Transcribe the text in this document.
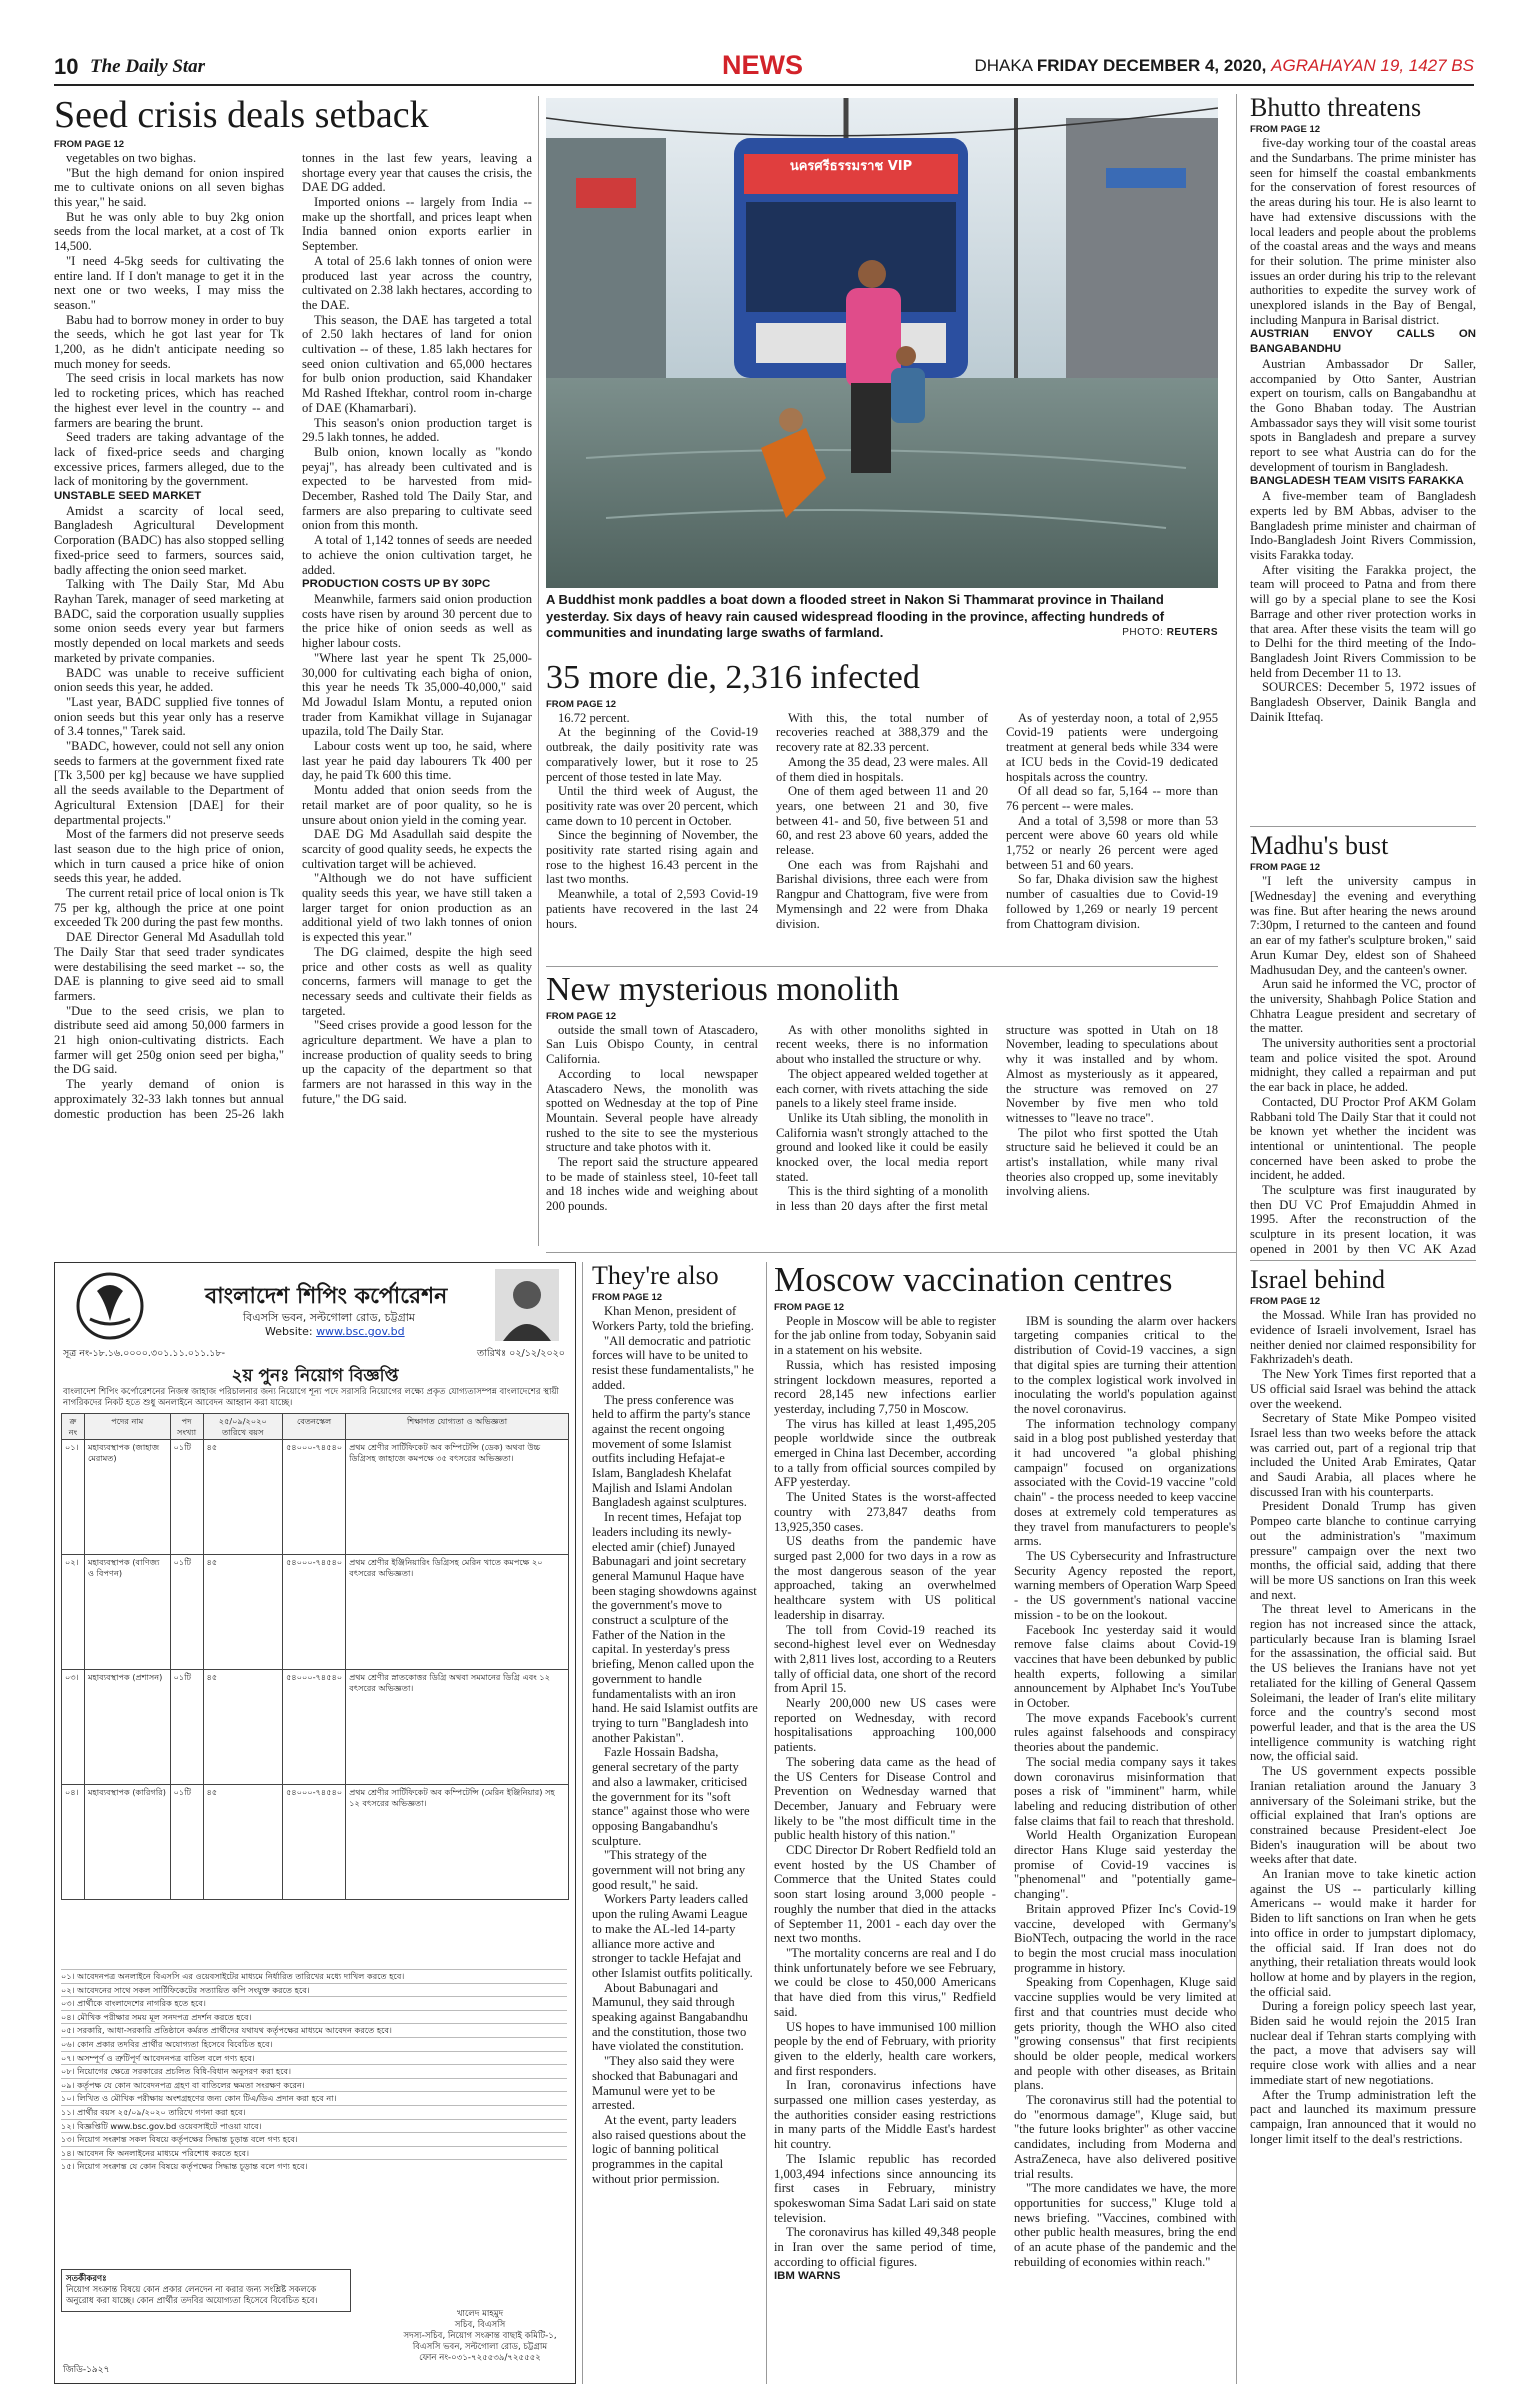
10 The Daily Star	NEWS	DHAKA FRIDAY DECEMBER 4, 2020, AGRAHAYAN 19, 1427 BS
Seed crisis deals setback
FROM PAGE 12

vegetables on two bighas.

"But the high demand for onion inspired me to cultivate onions on all seven bighas this year," he said.

But he was only able to buy 2kg onion seeds from the local market, at a cost of Tk 14,500.

"I need 4-5kg seeds for cultivating the entire land. If I don't manage to get it in the next one or two weeks, I may miss the season."

Babu had to borrow money in order to buy the seeds, which he got last year for Tk 1,200, as he didn't anticipate needing so much money for seeds.

The seed crisis in local markets has now led to rocketing prices, which has reached the highest ever level in the country -- and farmers are bearing the brunt.

Seed traders are taking advantage of the lack of fixed-price seeds and charging excessive prices, farmers alleged, due to the lack of monitoring by the government.

UNSTABLE SEED MARKET

Amidst a scarcity of local seed, Bangladesh Agricultural Development Corporation (BADC) has also stopped selling fixed-price seed to farmers, sources said, badly affecting the onion seed market.

Talking with The Daily Star, Md Abu Rayhan Tarek, manager of seed marketing at BADC, said the corporation usually supplies some onion seeds every year but farmers mostly depended on local markets and seeds marketed by private companies.

BADC was unable to receive sufficient onion seeds this year, he added.

"Last year, BADC supplied five tonnes of onion seeds but this year only has a reserve of 3.4 tonnes," Tarek said.

"BADC, however, could not sell any onion seeds to farmers at the government fixed rate [Tk 3,500 per kg] because we have supplied all the seeds available to the Department of Agricultural Extension [DAE] for their departmental projects."

Most of the farmers did not preserve seeds last season due to the high price of onion, which in turn caused a price hike of onion seeds this year, he added.

The current retail price of local onion is Tk 75 per kg, although the price at one point exceeded Tk 200 during the past few months.

DAE Director General Md Asadullah told The Daily Star that seed trader syndicates were destabilising the seed market -- so, the DAE is planning to give seed aid to small farmers.

"Due to the seed crisis, we plan to distribute seed aid among 50,000 farmers in 21 high onion-cultivating districts. Each farmer will get 250g onion seed per bigha," the DG said.

The yearly demand of onion is approximately 32-33 lakh tonnes but annual domestic production has been 25-26 lakh tonnes in the last few years, leaving a shortage every year that causes the crisis, the DAE DG added.

Imported onions -- largely from India -- make up the shortfall, and prices leapt when India banned onion exports earlier in September.

A total of 25.6 lakh tonnes of onion were produced last year across the country, cultivated on 2.38 lakh hectares, according to the DAE.

This season, the DAE has targeted a total of 2.50 lakh hectares of land for onion cultivation -- of these, 1.85 lakh hectares for seed onion cultivation and 65,000 hectares for bulb onion production, said Khandaker Md Rashed Iftekhar, control room in-charge of DAE (Khamarbari).

This season's onion production target is 29.5 lakh tonnes, he added.

Bulb onion, known locally as "kondo peyaj", has already been cultivated and is expected to be harvested from mid-December, Rashed told The Daily Star, and farmers are also preparing to cultivate seed onion from this month.

A total of 1,142 tonnes of seeds are needed to achieve the onion cultivation target, he added.

PRODUCTION COSTS UP BY 30PC

Meanwhile, farmers said onion production costs have risen by around 30 percent due to the price hike of onion seeds as well as higher labour costs.

"Where last year he spent Tk 25,000-30,000 for cultivating each bigha of onion, this year he needs Tk 35,000-40,000," said Md Jowadul Islam Montu, a reputed onion trader from Kamikhat village in Sujanagar upazila, told The Daily Star.

Labour costs went up too, he said, where last year he paid day labourers Tk 400 per day, he paid Tk 600 this time.

Montu added that onion seeds from the retail market are of poor quality, so he is unsure about onion yield in the coming year.

DAE DG Md Asadullah said despite the scarcity of good quality seeds, he expects the cultivation target will be achieved.

"Although we do not have sufficient quality seeds this year, we have still taken a larger target for onion production as an additional yield of two lakh tonnes of onion is expected this year."

The DG claimed, despite the high seed price and other costs as well as quality concerns, farmers will manage to get the necessary seeds and cultivate their fields as targeted.

"Seed crises provide a good lesson for the agriculture department. We have a plan to increase production of quality seeds to bring up the capacity of the department so that farmers are not harassed in this way in the future," the DG said.

นครศรีธรรมราช VIP
A Buddhist monk paddles a boat down a flooded street in Nakon Si Thammarat province in Thailand yesterday. Six days of heavy rain caused widespread flooding in the province, affecting hundreds of communities and inundating large swaths of farmland.	PHOTO: REUTERS
35 more die, 2,316 infected
FROM PAGE 12

16.72 percent.

At the beginning of the Covid-19 outbreak, the daily positivity rate was comparatively lower, but it rose to 25 percent of those tested in late May.

Until the third week of August, the positivity rate was over 20 percent, which came down to 10 percent in October.

Since the beginning of November, the positivity rate started rising again and rose to the highest 16.43 percent in the last two months.

Meanwhile, a total of 2,593 Covid-19 patients have recovered in the last 24 hours.

With this, the total number of recoveries reached at 388,379 and the recovery rate at 82.33 percent.

Among the 35 dead, 23 were males. All of them died in hospitals.

One of them aged between 11 and 20 years, one between 21 and 30, five between 41- and 50, five between 51 and 60, and rest 23 above 60 years, added the release.

One each was from Rajshahi and Barishal divisions, three each were from Rangpur and Chattogram, five were from Mymensingh and 22 were from Dhaka division.

As of yesterday noon, a total of 2,955 Covid-19 patients were undergoing treatment at general beds while 334 were at ICU beds in the Covid-19 dedicated hospitals across the country.

Of all dead so far, 5,164 -- more than 76 percent -- were males.

And a total of 3,598 or more than 53 percent were above 60 years old while 1,752 or nearly 26 percent were aged between 51 and 60 years.

So far, Dhaka division saw the highest number of casualties due to Covid-19 followed by 1,269 or nearly 19 percent from Chattogram division.

New mysterious monolith
FROM PAGE 12

outside the small town of Atascadero, San Luis Obispo County, in central California.

According to local newspaper Atascadero News, the monolith was spotted on Wednesday at the top of Pine Mountain. Several people have already rushed to the site to see the mysterious structure and take photos with it.

The report said the structure appeared to be made of stainless steel, 10-feet tall and 18 inches wide and weighing about 200 pounds.

As with other monoliths sighted in recent weeks, there is no information about who installed the structure or why.

The object appeared welded together at each corner, with rivets attaching the side panels to a likely steel frame inside.

Unlike its Utah sibling, the monolith in California wasn't strongly attached to the ground and looked like it could be easily knocked over, the local media report stated.

This is the third sighting of a monolith in less than 20 days after the first metal structure was spotted in Utah on 18 November, leading to speculations about why it was installed and by whom. Almost as mysteriously as it appeared, the structure was removed on 27 November by five men who told witnesses to "leave no trace".

The pilot who first spotted the Utah structure said he believed it could be an artist's installation, while many rival theories also cropped up, some inevitably involving aliens.

Bhutto threatens
FROM PAGE 12

five-day working tour of the coastal areas and the Sundarbans. The prime minister has seen for himself the coastal embankments for the conservation of forest resources of the areas during his tour. He is also learnt to have had extensive discussions with the local leaders and people about the problems of the coastal areas and the ways and means for their solution. The prime minister also issues an order during his trip to the relevant authorities to expedite the survey work of unexplored islands in the Bay of Bengal, including Manpura in Barisal district.

AUSTRIAN ENVOY CALLS ON BANGABANDHU

Austrian Ambassador Dr Saller, accompanied by Otto Santer, Austrian expert on tourism, calls on Bangabandhu at the Gono Bhaban today. The Austrian Ambassador says they will visit some tourist spots in Bangladesh and prepare a survey report to see what Austria can do for the development of tourism in Bangladesh.

BANGLADESH TEAM VISITS FARAKKA

A five-member team of Bangladesh experts led by BM Abbas, adviser to the Bangladesh prime minister and chairman of Indo-Bangladesh Joint Rivers Commission, visits Farakka today.

After visiting the Farakka project, the team will proceed to Patna and from there will go by a special plane to see the Kosi Barrage and other river protection works in that area. After these visits the team will go to Delhi for the third meeting of the Indo-Bangladesh Joint Rivers Commission to be held from December 11 to 13.

SOURCES: December 5, 1972 issues of Bangladesh Observer, Dainik Bangla and Dainik Ittefaq.

Madhu's bust
FROM PAGE 12

"I left the university campus in [Wednesday] the evening and everything was fine. But after hearing the news around 7:30pm, I returned to the canteen and found an ear of my father's sculpture broken," said Arun Kumar Dey, eldest son of Shaheed Madhusudan Dey, and the canteen's owner.

Arun said he informed the VC, proctor of the university, Shahbagh Police Station and Chhatra League president and secretary of the matter.

The university authorities sent a proctorial team and police visited the spot. Around midnight, they called a repairman and put the ear back in place, he added.

Contacted, DU Proctor Prof AKM Golam Rabbani told The Daily Star that it could not be known yet whether the incident was intentional or unintentional. The people concerned have been asked to probe the incident, he added.

The sculpture was first inaugurated by then DU VC Prof Emajuddin Ahmed in 1995. After the reconstruction of the sculpture in its present location, it was opened in 2001 by then VC AK Azad

Israel behind
FROM PAGE 12

the Mossad. While Iran has provided no evidence of Israeli involvement, Israel has neither denied nor claimed responsibility for Fakhrizadeh's death.

The New York Times first reported that a US official said Israel was behind the attack over the weekend.

Secretary of State Mike Pompeo visited Israel less than two weeks before the attack was carried out, part of a regional trip that included the United Arab Emirates, Qatar and Saudi Arabia, all places where he discussed Iran with his counterparts.

President Donald Trump has given Pompeo carte blanche to continue carrying out the administration's "maximum pressure" campaign over the next two months, the official said, adding that there will be more US sanctions on Iran this week and next.

The threat level to Americans in the region has not increased since the attack, particularly because Iran is blaming Israel for the assassination, the official said. But the US believes the Iranians have not yet retaliated for the killing of General Qassem Soleimani, the leader of Iran's elite military force and the country's second most powerful leader, and that is the area the US intelligence community is watching right now, the official said.

The US government expects possible Iranian retaliation around the January 3 anniversary of the Soleimani strike, but the official explained that Iran's options are constrained because President-elect Joe Biden's inauguration will be about two weeks after that date.

An Iranian move to take kinetic action against the US -- particularly killing Americans -- would make it harder for Biden to lift sanctions on Iran when he gets into office in order to jumpstart diplomacy, the official said. If Iran does not do anything, their retaliation threats would look hollow at home and by players in the region, the official said.

During a foreign policy speech last year, Biden said he would rejoin the 2015 Iran nuclear deal if Tehran starts complying with the pact, a move that advisers say will require close work with allies and a near immediate start of new negotiations.

After the Trump administration left the pact and launched its maximum pressure campaign, Iran announced that it would no longer limit itself to the deal's restrictions.

They're also
FROM PAGE 12

Khan Menon, president of Workers Party, told the briefing.

"All democratic and patriotic forces will have to be united to resist these fundamentalists," he added.

The press conference was held to affirm the party's stance against the recent ongoing movement of some Islamist outfits including Hefajat-e Islam, Bangladesh Khelafat Majlish and Islami Andolan Bangladesh against sculptures.

In recent times, Hefajat top leaders including its newly-elected amir (chief) Junayed Babunagari and joint secretary general Mamunul Haque have been staging showdowns against the government's move to construct a sculpture of the Father of the Nation in the capital. In yesterday's press briefing, Menon called upon the government to handle fundamentalists with an iron hand. He said Islamist outfits are trying to turn "Bangladesh into another Pakistan".

Fazle Hossain Badsha, general secretary of the party and also a lawmaker, criticised the government for its "soft stance" against those who were opposing Bangabandhu's sculpture.

"This strategy of the government will not bring any good result," he said.

Workers Party leaders called upon the ruling Awami League to make the AL-led 14-party alliance more active and stronger to tackle Hefajat and other Islamist outfits politically.

About Babunagari and Mamunul, they said through speaking against Bangabandhu and the constitution, those two have violated the constitution.

"They also said they were shocked that Babunagari and Mamunul were yet to be arrested.

At the event, party leaders also raised questions about the logic of banning political programmes in the capital without prior permission.

Moscow vaccination centres
FROM PAGE 12

People in Moscow will be able to register for the jab online from today, Sobyanin said in a statement on his website.

Russia, which has resisted imposing stringent lockdown measures, reported a record 28,145 new infections earlier yesterday, including 7,750 in Moscow.

The virus has killed at least 1,495,205 people worldwide since the outbreak emerged in China last December, according to a tally from official sources compiled by AFP yesterday.

The United States is the worst-affected country with 273,847 deaths from 13,925,350 cases.

US deaths from the pandemic have surged past 2,000 for two days in a row as the most dangerous season of the year approached, taking an overwhelmed healthcare system with US political leadership in disarray.

The toll from Covid-19 reached its second-highest level ever on Wednesday with 2,811 lives lost, according to a Reuters tally of official data, one short of the record from April 15.

Nearly 200,000 new US cases were reported on Wednesday, with record hospitalisations approaching 100,000 patients.

The sobering data came as the head of the US Centers for Disease Control and Prevention on Wednesday warned that December, January and February were likely to be "the most difficult time in the public health history of this nation."

CDC Director Dr Robert Redfield told an event hosted by the US Chamber of Commerce that the United States could soon start losing around 3,000 people - roughly the number that died in the attacks of September 11, 2001 - each day over the next two months.

"The mortality concerns are real and I do think unfortunately before we see February, we could be close to 450,000 Americans that have died from this virus," Redfield said.

US hopes to have immunised 100 million people by the end of February, with priority given to the elderly, health care workers, and first responders.

In Iran, coronavirus infections have surpassed one million cases yesterday, as the authorities consider easing restrictions in many parts of the Middle East's hardest hit country.

The Islamic republic has recorded 1,003,494 infections since announcing its first cases in February, ministry spokeswoman Sima Sadat Lari said on state television.

The coronavirus has killed 49,348 people in Iran over the same period of time, according to official figures.

IBM WARNS

IBM is sounding the alarm over hackers targeting companies critical to the distribution of Covid-19 vaccines, a sign that digital spies are turning their attention to the complex logistical work involved in inoculating the world's population against the novel coronavirus.

The information technology company said in a blog post published yesterday that it had uncovered "a global phishing campaign" focused on organizations associated with the Covid-19 vaccine "cold chain" - the process needed to keep vaccine doses at extremely cold temperatures as they travel from manufacturers to people's arms.

The US Cybersecurity and Infrastructure Security Agency reposted the report, warning members of Operation Warp Speed - the US government's national vaccine mission - to be on the lookout.

Facebook Inc yesterday said it would remove false claims about Covid-19 vaccines that have been debunked by public health experts, following a similar announcement by Alphabet Inc's YouTube in October.

The move expands Facebook's current rules against falsehoods and conspiracy theories about the pandemic.

The social media company says it takes down coronavirus misinformation that poses a risk of "imminent" harm, while labeling and reducing distribution of other false claims that fail to reach that threshold.

World Health Organization European director Hans Kluge said yesterday the promise of Covid-19 vaccines is "phenomenal" and "potentially game-changing".

Britain approved Pfizer Inc's Covid-19 vaccine, developed with Germany's BioNTech, outpacing the world in the race to begin the most crucial mass inoculation programme in history.

Speaking from Copenhagen, Kluge said vaccine supplies would be very limited at first and that countries must decide who gets priority, though the WHO also cited "growing consensus" that first recipients should be older people, medical workers and people with other diseases, as Britain plans.

The coronavirus still had the potential to do "enormous damage", Kluge said, but "the future looks brighter" as other vaccine candidates, including from Moderna and AstraZeneca, have also delivered positive trial results.

"The more candidates we have, the more opportunities for success," Kluge told a news briefing. "Vaccines, combined with other public health measures, bring the end of an acute phase of the pandemic and the rebuilding of economies within reach."

বাংলাদেশ শিপিং কর্পোরেশন
বিএসসি ভবন, সল্টগোলা রোড, চট্টগ্রাম
Website: www.bsc.gov.bd
সূত্র নং-১৮.১৬.০০০০.৩০১.১১.০১১.১৮-	তারিখঃ ০২/১২/২০২০
২য় পুনঃ নিয়োগ বিজ্ঞপ্তি
বাংলাদেশ শিপিং কর্পোরেশনের নিজস্ব জাহাজ পরিচালনার জন্য নিয়োগে শূন্য পদে সরাসরি নিয়োগের লক্ষ্যে প্রকৃত যোগ্যতাসম্পন্ন বাংলাদেশের স্থায়ী নাগরিকদের নিকট হতে শুধু অনলাইনে আবেদন আহ্বান করা যাচ্ছে।
ক্র নং	পদের নাম	পদ সংখ্যা	২৫/০৯/২০২০ তারিখে বয়স	বেতনস্কেল	শিক্ষাগত যোগ্যতা ও অভিজ্ঞতা
০১।	মহাব্যবস্থাপক (জাহাজ মেরামত)	০১টি	৪৫	৫৪০০০-৭৪৫৪০	প্রথম শ্রেণীর সার্টিফিকেট অব কম্পিটেন্সি (ডেক) অথবা উচ্চ ডিগ্রিসহ জাহাজে কমপক্ষে ৩৫ বৎসরের অভিজ্ঞতা।
০২।	মহাব্যবস্থাপক (বাণিজ্য ও বিপণন)	০১টি	৪৫	৫৪০০০-৭৪৫৪০	প্রথম শ্রেণীর ইঞ্জিনিয়ারিং ডিগ্রিসহ মেরিন খাতে কমপক্ষে ২০ বৎসরের অভিজ্ঞতা।
০৩।	মহাব্যবস্থাপক (প্রশাসন)	০১টি	৪৫	৫৪০০০-৭৪৫৪০	প্রথম শ্রেণীর স্নাতকোত্তর ডিগ্রি অথবা সমমানের ডিগ্রি এবং ১২ বৎসরের অভিজ্ঞতা।
০৪।	মহাব্যবস্থাপক (কারিগরি)	০১টি	৪৫	৫৪০০০-৭৪৫৪০	প্রথম শ্রেণীর সার্টিফিকেট অব কম্পিটেন্সি (মেরিন ইঞ্জিনিয়ার) সহ ১২ বৎসরের অভিজ্ঞতা।
০১। আবেদনপত্র অনলাইনে বিএসসি এর ওয়েবসাইটের মাধ্যমে নির্ধারিত তারিখের মধ্যে দাখিল করতে হবে।
০২। আবেদনের সাথে সকল সার্টিফিকেটের সত্যায়িত কপি সংযুক্ত করতে হবে।
০৩। প্রার্থীকে বাংলাদেশের নাগরিক হতে হবে।
০৪। মৌখিক পরীক্ষার সময় মূল সনদপত্র প্রদর্শন করতে হবে।
০৫। সরকারি, আধা-সরকারি প্রতিষ্ঠানে কর্মরত প্রার্থীদের যথাযথ কর্তৃপক্ষের মাধ্যমে আবেদন করতে হবে।
০৬। কোন প্রকার তদবির প্রার্থীর অযোগ্যতা হিসেবে বিবেচিত হবে।
০৭। অসম্পূর্ণ ও ত্রুটিপূর্ণ আবেদনপত্র বাতিল বলে গণ্য হবে।
০৮। নিয়োগের ক্ষেত্রে সরকারের প্রচলিত বিধি-বিধান অনুসরণ করা হবে।
০৯। কর্তৃপক্ষ যে কোন আবেদনপত্র গ্রহণ বা বাতিলের ক্ষমতা সংরক্ষণ করেন।
১০। লিখিত ও মৌখিক পরীক্ষায় অংশগ্রহণের জন্য কোন টিএ/ডিএ প্রদান করা হবে না।
১১। প্রার্থীর বয়স ২৫/০৯/২০২০ তারিখে গণনা করা হবে।
১২। বিজ্ঞপ্তিটি www.bsc.gov.bd ওয়েবসাইটে পাওয়া যাবে।
১৩। নিয়োগ সংক্রান্ত সকল বিষয়ে কর্তৃপক্ষের সিদ্ধান্ত চূড়ান্ত বলে গণ্য হবে।
১৪। আবেদন ফি অনলাইনের মাধ্যমে পরিশোধ করতে হবে।
১৫। নিয়োগ সংক্রান্ত যে কোন বিষয়ে কর্তৃপক্ষের সিদ্ধান্ত চূড়ান্ত বলে গণ্য হবে।
সতর্কীকরণঃ
নিয়োগ সংক্রান্ত বিষয়ে কোন প্রকার লেনদেন না করার জন্য সংশ্লিষ্ট সকলকে অনুরোধ করা যাচ্ছে। কোন প্রার্থীর তদবির অযোগ্যতা হিসেবে বিবেচিত হবে।
খালেদ মাহমুদ
সচিব, বিএসসি
সদস্য-সচিব, নিয়োগ সংক্রান্ত বাছাই কমিটি-১, বিএসসি ভবন, সল্টগোলা রোড, চট্টগ্রাম
ফোন নং-০৩১-৭২৫৫৩৯/৭২৫৫৫২
জিডি-১৯২৭
